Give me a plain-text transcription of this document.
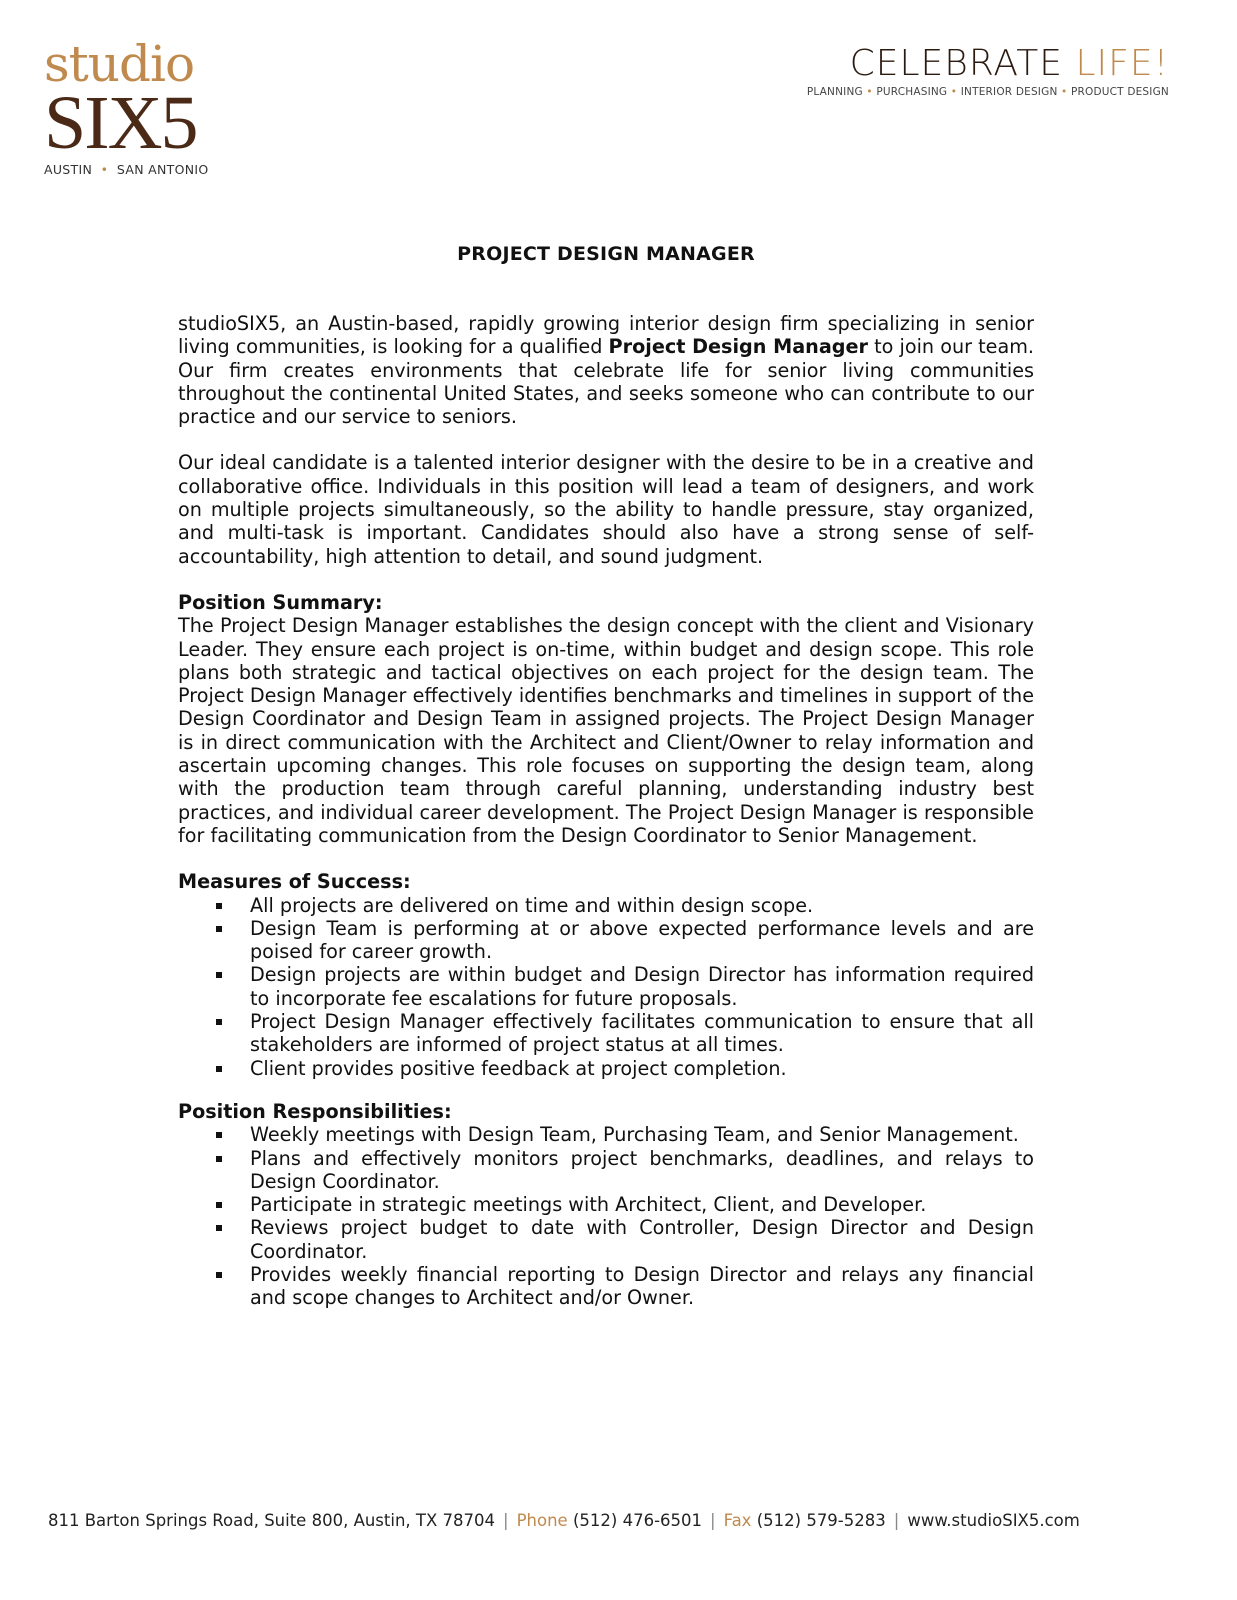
studio
SIX5
AUSTIN  •  SAN ANTONIO
CELEBRATE LIFE!
PLANNING • PURCHASING • INTERIOR DESIGN • PRODUCT DESIGN
PROJECT DESIGN MANAGER

studioSIX5, an Austin-based, rapidly growing interior design firm specializing in senior living communities, is looking for a qualified Project Design Manager to join our team. Our firm creates environments that celebrate life for senior living communities throughout the continental United States, and seeks someone who can contribute to our practice and our service to seniors.

Our ideal candidate is a talented interior designer with the desire to be in a creative and collaborative office. Individuals in this position will lead a team of designers, and work on multiple projects simultaneously, so the ability to handle pressure, stay organized, and multi-task is important. Candidates should also have a strong sense of self-accountability, high attention to detail, and sound judgment.

Position Summary:

The Project Design Manager establishes the design concept with the client and Visionary Leader. They ensure each project is on-time, within budget and design scope. This role plans both strategic and tactical objectives on each project for the design team. The Project Design Manager effectively identifies benchmarks and timelines in support of the Design Coordinator and Design Team in assigned projects. The Project Design Manager is in direct communication with the Architect and Client/Owner to relay information and ascertain upcoming changes. This role focuses on supporting the design team, along with the production team through careful planning, understanding industry best practices, and individual career development. The Project Design Manager is responsible for facilitating communication from the Design Coordinator to Senior Management.

Measures of Success:
All projects are delivered on time and within design scope.
Design Team is performing at or above expected performance levels and are poised for career growth.
Design projects are within budget and Design Director has information required to incorporate fee escalations for future proposals.
Project Design Manager effectively facilitates communication to ensure that all stakeholders are informed of project status at all times.
Client provides positive feedback at project completion.
Position Responsibilities:
Weekly meetings with Design Team, Purchasing Team, and Senior Management.
Plans and effectively monitors project benchmarks, deadlines, and relays to Design Coordinator.
Participate in strategic meetings with Architect, Client, and Developer.
Reviews project budget to date with Controller, Design Director and Design Coordinator.
Provides weekly financial reporting to Design Director and relays any financial and scope changes to Architect and/or Owner.
811 Barton Springs Road, Suite 800, Austin, TX 78704 | Phone (512) 476-6501 | Fax (512) 579-5283 | www.studioSIX5.com
